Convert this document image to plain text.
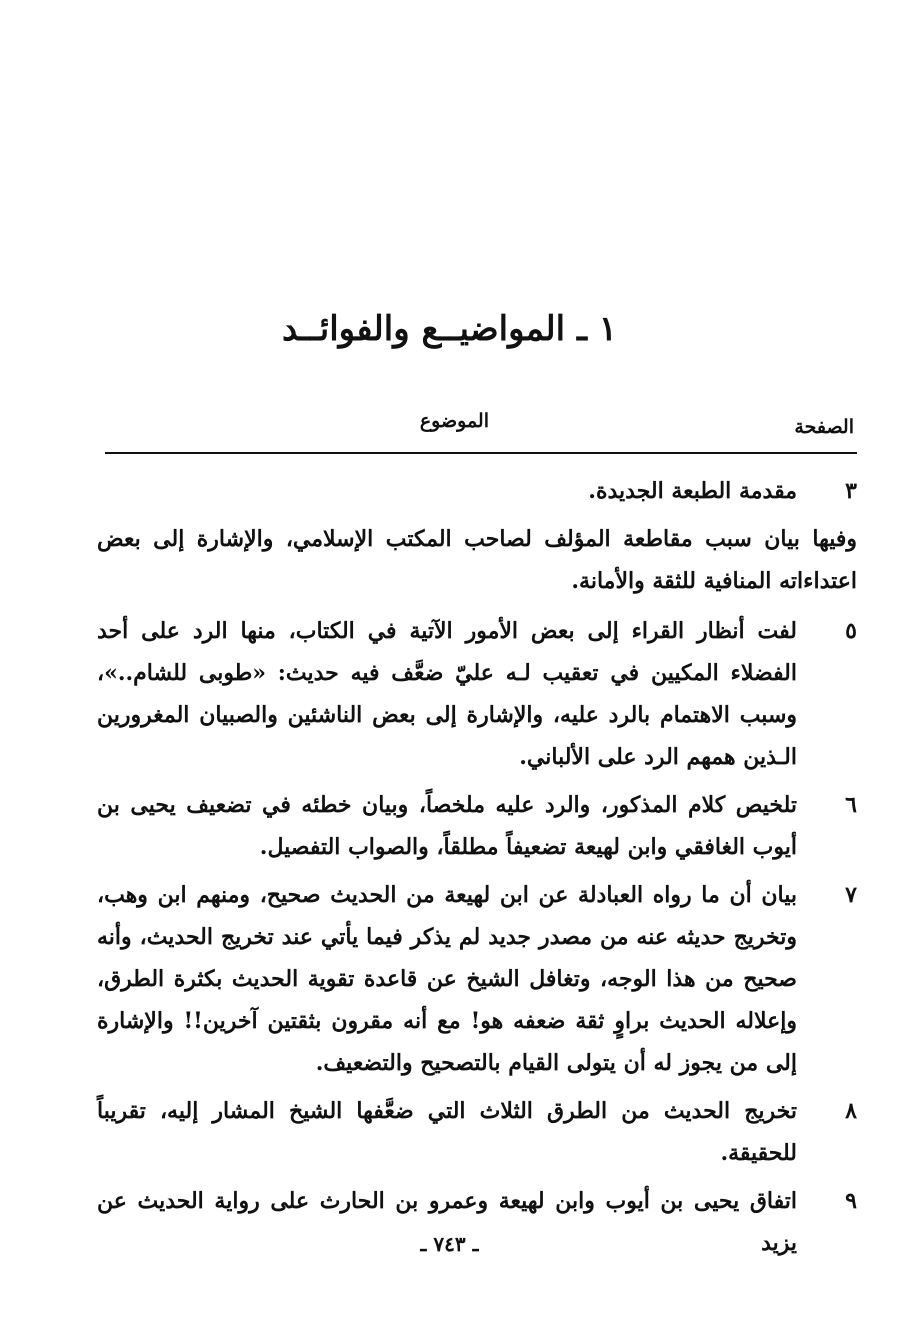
١ ـ المواضيــع والفوائــد
الصفحة
الموضوع
٣
مقدمة الطبعة الجديدة.
وفيها بيان سبب مقاطعة المؤلف لصاحب المكتب الإسلامي، والإشارة إلى بعض اعتداءاته المنافية للثقة والأمانة.
٥
لفت أنظار القراء إلى بعض الأمور الآتية في الكتاب، منها الرد على أحد الفضلاء المكيين في تعقيب لـه عليّ ضعَّف فيه حديث: «طوبى للشام..»، وسبب الاهتمام بالرد عليه، والإشارة إلى بعض الناشئين والصبيان المغرورين الـذين همهم الرد على الألباني.
٦
تلخيص كلام المذكور، والرد عليه ملخصاً، وبيان خطئه في تضعيف يحيى بن أيوب الغافقي وابن لهيعة تضعيفاً مطلقاً، والصواب التفصيل.
٧
بيان أن ما رواه العبادلة عن ابن لهيعة من الحديث صحيح، ومنهم ابن وهب، وتخريج حديثه عنه من مصدر جديد لم يذكر فيما يأتي عند تخريج الحديث، وأنه صحيح من هذا الوجه، وتغافل الشيخ عن قاعدة تقوية الحديث بكثرة الطرق، وإعلاله الحديث براوٍ ثقة ضعفه هو! مع أنه مقرون بثقتين آخرين!! والإشارة إلى من يجوز له أن يتولى القيام بالتصحيح والتضعيف.
٨
تخريج الحديث من الطرق الثلاث التي ضعَّفها الشيخ المشار إليه، تقريباً للحقيقة.
٩
اتفاق يحيى بن أيوب وابن لهيعة وعمرو بن الحارث على رواية الحديث عن يزيد
ـ ٧٤٣ ـ
